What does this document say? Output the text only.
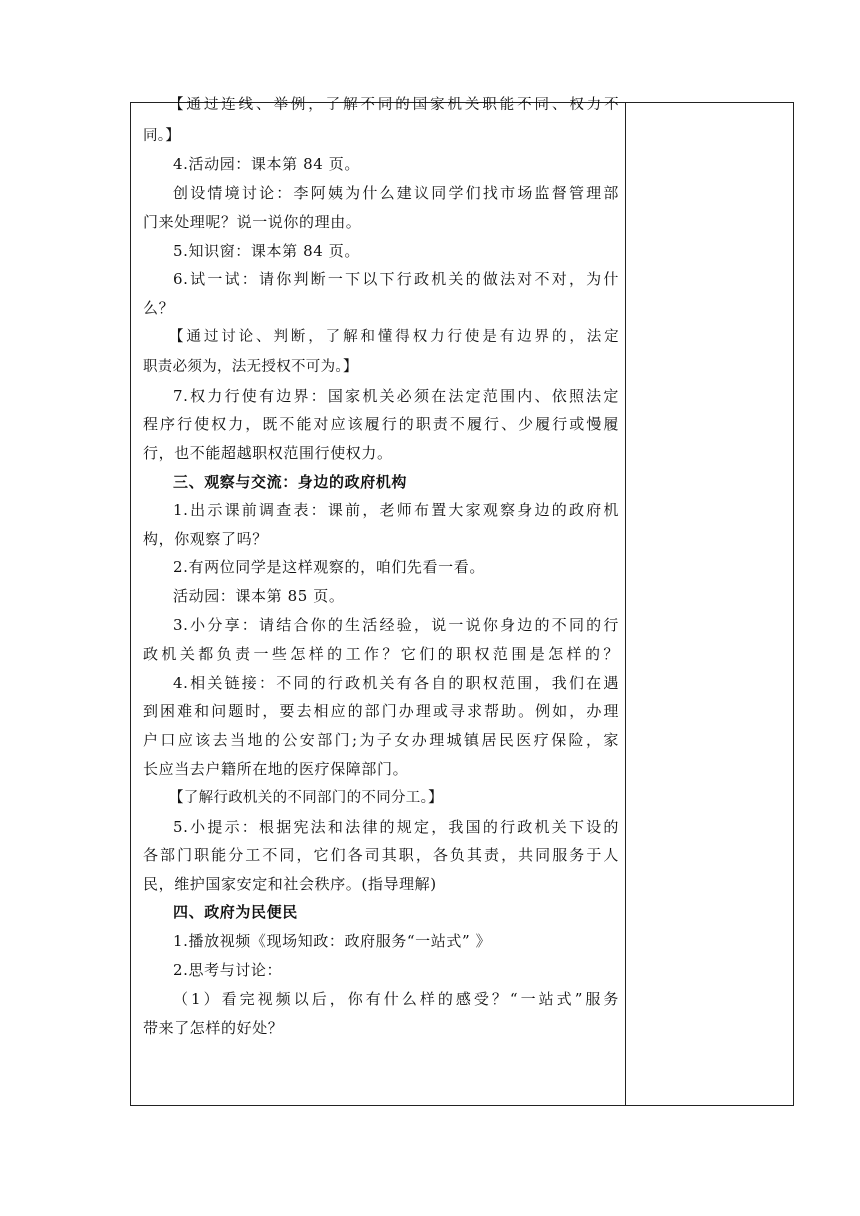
【通过连线、举例，了解不同的国家机关职能不同、权力不
同。】
4.活动园：课本第 84 页。
创设情境讨论：李阿姨为什么建议同学们找市场监督管理部
门来处理呢？说一说你的理由。
5.知识窗：课本第 84 页。
6.试一试：请你判断一下以下行政机关的做法对不对，为什
么？
【通过讨论、判断，了解和懂得权力行使是有边界的，法定
职责必须为，法无授权不可为。】
7.权力行使有边界：国家机关必须在法定范围内、依照法定
程序行使权力，既不能对应该履行的职责不履行、少履行或慢履
行，也不能超越职权范围行使权力。
三、观察与交流：身边的政府机构
1.出示课前调查表：课前，老师布置大家观察身边的政府机
构，你观察了吗？
2.有两位同学是这样观察的，咱们先看一看。
活动园：课本第 85 页。
3.小分享：请结合你的生活经验，说一说你身边的不同的行
政机关都负责一些怎样的工作？它们的职权范围是怎样的？
4.相关链接：不同的行政机关有各自的职权范围，我们在遇
到困难和问题时，要去相应的部门办理或寻求帮助。例如，办理
户口应该去当地的公安部门;为子女办理城镇居民医疗保险，家
长应当去户籍所在地的医疗保障部门。
【了解行政机关的不同部门的不同分工。】
5.小提示：根据宪法和法律的规定，我国的行政机关下设的
各部门职能分工不同，它们各司其职，各负其责，共同服务于人
民，维护国家安定和社会秩序。(指导理解)
四、政府为民便民
1.播放视频《现场知政：政府服务“一站式” 》
2.思考与讨论：
（1）看完视频以后，你有什么样的感受？“一站式”服务
带来了怎样的好处？
